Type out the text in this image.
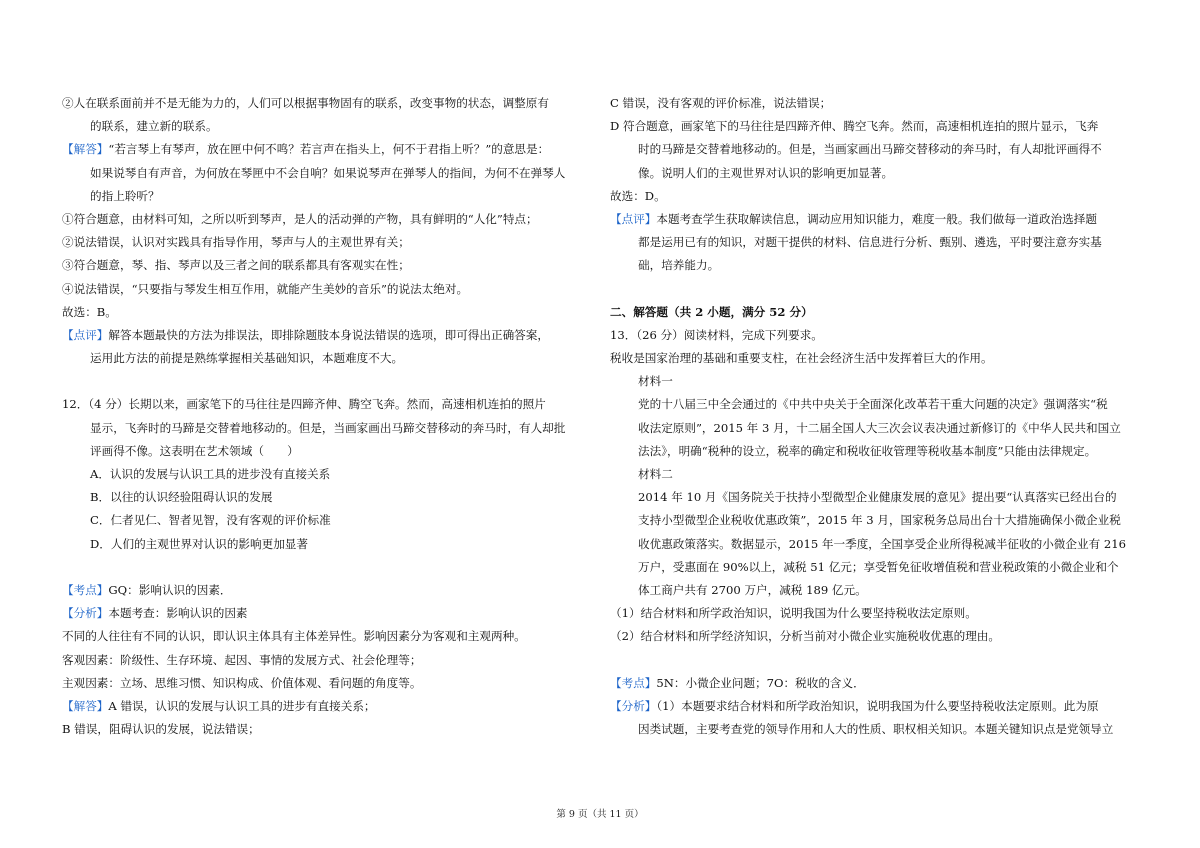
②人在联系面前并不是无能为力的，人们可以根据事物固有的联系，改变事物的状态，调整原有
的联系，建立新的联系。
【解答】“若言琴上有琴声，放在匣中何不鸣？若言声在指头上，何不于君指上听？”的意思是：
如果说琴自有声音，为何放在琴匣中不会自响？如果说琴声在弹琴人的指间，为何不在弹琴人
的指上聆听？
①符合题意，由材料可知，之所以听到琴声，是人的活动弹的产物，具有鲜明的“人化”特点；
②说法错误，认识对实践具有指导作用，琴声与人的主观世界有关；
③符合题意，琴、指、琴声以及三者之间的联系都具有客观实在性；
④说法错误，“只要指与琴发生相互作用，就能产生美妙的音乐”的说法太绝对。
故选：B。
【点评】解答本题最快的方法为排误法，即排除题肢本身说法错误的选项，即可得出正确答案，
运用此方法的前提是熟练掌握相关基础知识，本题难度不大。
12．（4 分）长期以来，画家笔下的马往往是四蹄齐伸、腾空飞奔。然而，高速相机连拍的照片
显示，飞奔时的马蹄是交替着地移动的。但是，当画家画出马蹄交替移动的奔马时，有人却批
评画得不像。这表明在艺术领域（　　）
A．认识的发展与认识工具的进步没有直接关系
B．以往的认识经验阻碍认识的发展
C．仁者见仁、智者见智，没有客观的评价标准
D．人们的主观世界对认识的影响更加显著
【考点】GQ：影响认识的因素．
【分析】本题考查：影响认识的因素
不同的人往往有不同的认识，即认识主体具有主体差异性。影响因素分为客观和主观两种。
客观因素：阶级性、生存环境、起因、事情的发展方式、社会伦理等；
主观因素：立场、思维习惯、知识构成、价值体观、看问题的角度等。
【解答】A 错误，认识的发展与认识工具的进步有直接关系；
B 错误，阻碍认识的发展，说法错误；
C 错误，没有客观的评价标准，说法错误；
D 符合题意，画家笔下的马往往是四蹄齐伸、腾空飞奔。然而，高速相机连拍的照片显示，飞奔
时的马蹄是交替着地移动的。但是，当画家画出马蹄交替移动的奔马时，有人却批评画得不
像。说明人们的主观世界对认识的影响更加显著。
故选：D。
【点评】本题考查学生获取解读信息，调动应用知识能力，难度一般。我们做每一道政治选择题
都是运用已有的知识，对题干提供的材料、信息进行分析、甄别、遴选，平时要注意夯实基
础，培养能力。
二、解答题（共 2 小题，满分 52 分）
13．（26 分）阅读材料，完成下列要求。
税收是国家治理的基础和重要支柱，在社会经济生活中发挥着巨大的作用。
材料一
党的十八届三中全会通过的《中共中央关于全面深化改革若干重大问题的决定》强调落实“税
收法定原则”，2015 年 3 月，十二届全国人大三次会议表决通过新修订的《中华人民共和国立
法法》，明确“税种的设立，税率的确定和税收征收管理等税收基本制度”只能由法律规定。
材料二
2014 年 10 月《国务院关于扶持小型微型企业健康发展的意见》提出要“认真落实已经出台的
支持小型微型企业税收优惠政策”，2015 年 3 月，国家税务总局出台十大措施确保小微企业税
收优惠政策落实。数据显示，2015 年一季度，全国享受企业所得税减半征收的小微企业有 216
万户，受惠面在 90%以上，减税 51 亿元；享受暂免征收增值税和营业税政策的小微企业和个
体工商户共有 2700 万户，减税 189 亿元。
（1）结合材料和所学政治知识，说明我国为什么要坚持税收法定原则。
（2）结合材料和所学经济知识，分析当前对小微企业实施税收优惠的理由。
【考点】5N：小微企业问题；7O：税收的含义．
【分析】（1）本题要求结合材料和所学政治知识，说明我国为什么要坚持税收法定原则。此为原
因类试题，主要考查党的领导作用和人大的性质、职权相关知识。本题关键知识点是党领导立
第 9 页（共 11 页）
